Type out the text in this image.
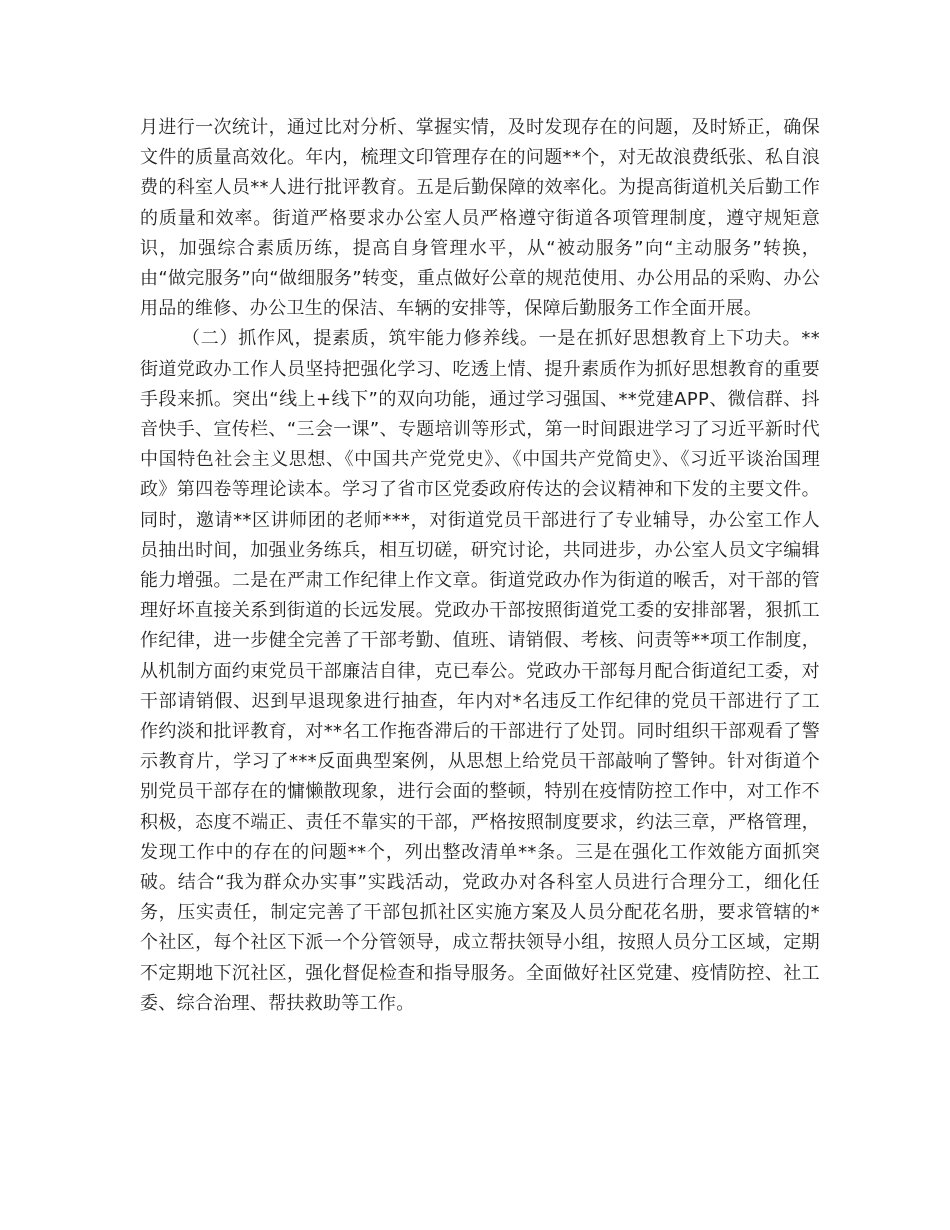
月进行一次统计，通过比对分析、掌握实情，及时发现存在的问题，及时矫正，确保文件的质量高效化。年内，梳理文印管理存在的问题**个，对无故浪费纸张、私自浪费的科室人员**人进行批评教育。五是后勤保障的效率化。为提高街道机关后勤工作的质量和效率。街道严格要求办公室人员严格遵守街道各项管理制度，遵守规矩意识，加强综合素质历练，提高自身管理水平，从“被动服务”向“主动服务”转换，由“做完服务”向“做细服务”转变，重点做好公章的规范使用、办公用品的采购、办公用品的维修、办公卫生的保洁、车辆的安排等，保障后勤服务工作全面开展。

（二）抓作风，提素质，筑牢能力修养线。一是在抓好思想教育上下功夫。**街道党政办工作人员坚持把强化学习、吃透上情、提升素质作为抓好思想教育的重要手段来抓。突出“线上+线下”的双向功能，通过学习强国、**党建APP、微信群、抖音快手、宣传栏、“三会一课”、专题培训等形式，第一时间跟进学习了习近平新时代中国特色社会主义思想、《中国共产党党史》、《中国共产党简史》、《习近平谈治国理政》第四卷等理论读本。学习了省市区党委政府传达的会议精神和下发的主要文件。同时，邀请**区讲师团的老师***，对街道党员干部进行了专业辅导，办公室工作人员抽出时间，加强业务练兵，相互切磋，研究讨论，共同进步，办公室人员文字编辑能力增强。二是在严肃工作纪律上作文章。街道党政办作为街道的喉舌，对干部的管理好坏直接关系到街道的长远发展。党政办干部按照街道党工委的安排部署，狠抓工作纪律，进一步健全完善了干部考勤、值班、请销假、考核、问责等**项工作制度，从机制方面约束党员干部廉洁自律，克已奉公。党政办干部每月配合街道纪工委，对干部请销假、迟到早退现象进行抽查，年内对*名违反工作纪律的党员干部进行了工作约淡和批评教育，对**名工作拖沓滞后的干部进行了处罚。同时组织干部观看了警示教育片，学习了***反面典型案例，从思想上给党员干部敲响了警钟。针对街道个别党员干部存在的慵懒散现象，进行会面的整顿，特别在疫情防控工作中，对工作不积极，态度不端正、责任不靠实的干部，严格按照制度要求，约法三章，严格管理，发现工作中的存在的问题**个，列出整改清单**条。三是在强化工作效能方面抓突破。结合“我为群众办实事”实践活动，党政办对各科室人员进行合理分工，细化任务，压实责任，制定完善了干部包抓社区实施方案及人员分配花名册，要求管辖的*个社区，每个社区下派一个分管领导，成立帮扶领导小组，按照人员分工区域，定期不定期地下沉社区，强化督促检查和指导服务。全面做好社区党建、疫情防控、社工委、综合治理、帮扶救助等工作。
